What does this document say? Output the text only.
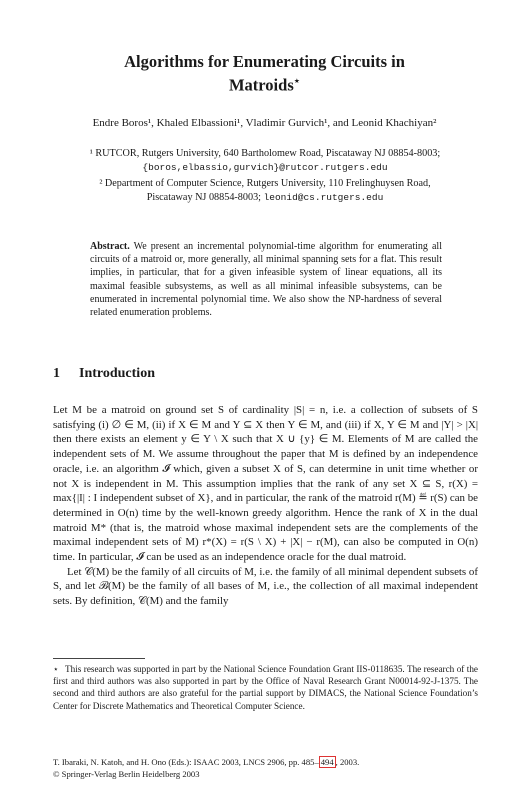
Algorithms for Enumerating Circuits in
Matroids⋆
Endre Boros¹, Khaled Elbassioni¹, Vladimir Gurvich¹, and Leonid Khachiyan²
¹ RUTCOR, Rutgers University, 640 Bartholomew Road, Piscataway NJ 08854-8003;
{boros,elbassio,gurvich}@rutcor.rutgers.edu
² Department of Computer Science, Rutgers University, 110 Frelinghuysen Road,
Piscataway NJ 08854-8003; leonid@cs.rutgers.edu
Abstract. We present an incremental polynomial-time algorithm for enumerating all circuits of a matroid or, more generally, all minimal spanning sets for a flat. This result implies, in particular, that for a given infeasible system of linear equations, all its maximal feasible subsystems, as well as all minimal infeasible subsystems, can be enumerated in incremental polynomial time. We also show the NP-hardness of several related enumeration problems.
1 Introduction

Let M be a matroid on ground set S of cardinality |S| = n, i.e. a collection of subsets of S satisfying (i) ∅ ∈ M, (ii) if X ∈ M and Y ⊆ X then Y ∈ M, and (iii) if X, Y ∈ M and |Y| > |X| then there exists an element y ∈ Y \ X such that X ∪ {y} ∈ M. Elements of M are called the independent sets of M. We assume throughout the paper that M is defined by an independence oracle, i.e. an algorithm 𝓘 which, given a subset X of S, can determine in unit time whether or not X is independent in M. This assumption implies that the rank of any set X ⊆ S, r(X) = max{|I| : I independent subset of X}, and in particular, the rank of the matroid r(M) ≝ r(S) can be determined in O(n) time by the well-known greedy algorithm. Hence the rank of X in the dual matroid M* (that is, the matroid whose maximal independent sets are the complements of the maximal independent sets of M) r*(X) = r(S \ X) + |X| − r(M), can also be computed in O(n) time. In particular, 𝓘 can be used as an independence oracle for the dual matroid.

Let 𝒞(M) be the family of all circuits of M, i.e. the family of all minimal dependent subsets of S, and let ℬ(M) be the family of all bases of M, i.e., the collection of all maximal independent sets. By definition, 𝒞(M) and the family

⋆ This research was supported in part by the National Science Foundation Grant IIS-0118635. The research of the first and third authors was also supported in part by the Office of Naval Research Grant N00014-92-J-1375. The second and third authors are also grateful for the partial support by DIMACS, the National Science Foundation’s Center for Discrete Mathematics and Theoretical Computer Science.
T. Ibaraki, N. Katoh, and H. Ono (Eds.): ISAAC 2003, LNCS 2906, pp. 485– 494 , 2003.
© Springer-Verlag Berlin Heidelberg 2003
